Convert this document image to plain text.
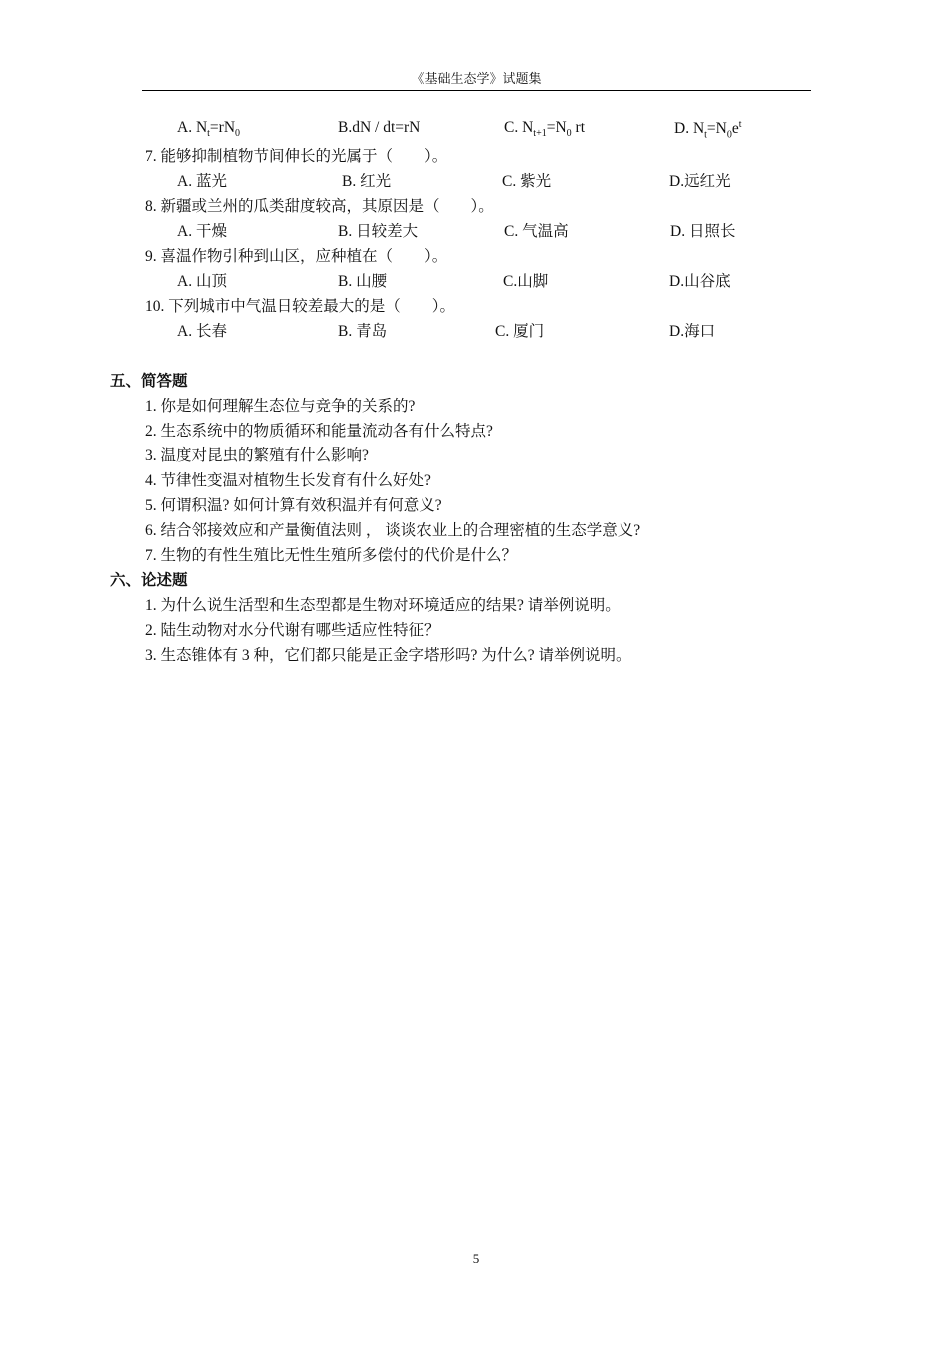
《基础生态学》试题集
A. $N_t=rN_0$	B.dN / dt=rN	C. $N_{t+1}=N_0$ rt	D. $N_t=N_0e^t$
7. 能够抑制植物节间伸长的光属于（　　）。
A. 蓝光	B. 红光	C. 紫光	D.远红光
8. 新疆或兰州的瓜类甜度较高，其原因是（　　）。
A. 干燥	B. 日较差大	C. 气温高	D. 日照长
9. 喜温作物引种到山区，应种植在（　　）。
A. 山顶	B. 山腰	C.山脚	D.山谷底
10. 下列城市中气温日较差最大的是（　　）。
A. 长春	B. 青岛	C. 厦门	D.海口
五、简答题
1. 你是如何理解生态位与竞争的关系的?
2. 生态系统中的物质循环和能量流动各有什么特点?
3. 温度对昆虫的繁殖有什么影响?
4. 节律性变温对植物生长发育有什么好处?
5. 何谓积温? 如何计算有效积温并有何意义?
6. 结合邻接效应和产量衡值法则 ， 谈谈农业上的合理密植的生态学意义?
7. 生物的有性生殖比无性生殖所多偿付的代价是什么？
六、论述题
1. 为什么说生活型和生态型都是生物对环境适应的结果? 请举例说明。
2. 陆生动物对水分代谢有哪些适应性特征？
3. 生态锥体有 3 种，它们都只能是正金字塔形吗? 为什么? 请举例说明。
5
